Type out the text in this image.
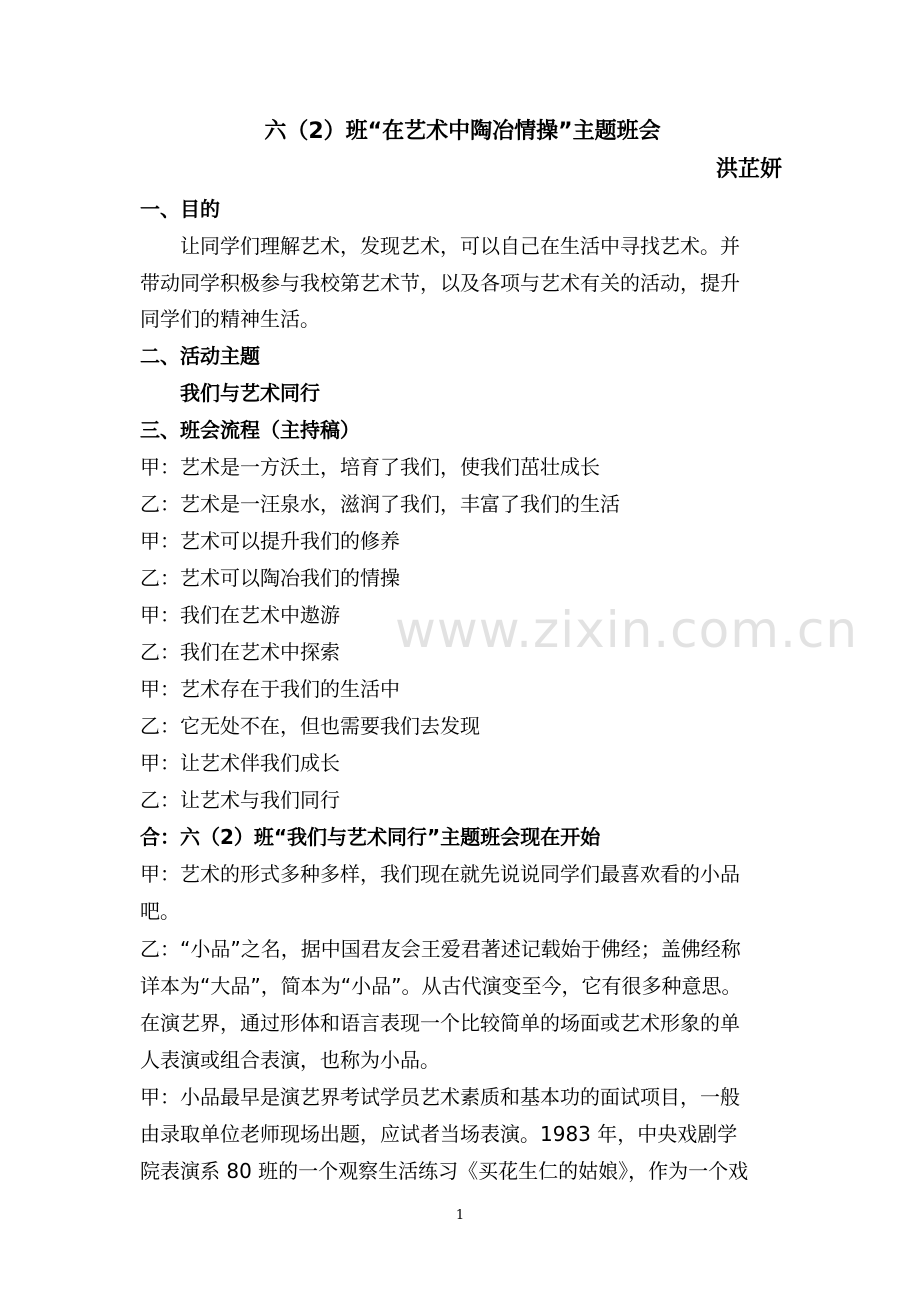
六（2）班“在艺术中陶冶情操”主题班会
洪芷妍
一、目的
　　让同学们理解艺术，发现艺术，可以自己在生活中寻找艺术。并
带动同学积极参与我校第艺术节，以及各项与艺术有关的活动，提升
同学们的精神生活。
二、活动主题
　　我们与艺术同行
三、班会流程（主持稿）
甲：艺术是一方沃土，培育了我们，使我们茁壮成长
乙：艺术是一汪泉水，滋润了我们，丰富了我们的生活
甲：艺术可以提升我们的修养
乙：艺术可以陶冶我们的情操
甲：我们在艺术中遨游
乙：我们在艺术中探索
甲：艺术存在于我们的生活中
乙：它无处不在，但也需要我们去发现
甲：让艺术伴我们成长
乙：让艺术与我们同行
合：六（2）班“我们与艺术同行”主题班会现在开始
甲：艺术的形式多种多样，我们现在就先说说同学们最喜欢看的小品
吧。
乙：“小品”之名，据中国君友会王爱君著述记载始于佛经；盖佛经称
详本为“大品”，简本为“小品”。从古代演变至今，它有很多种意思。
在演艺界，通过形体和语言表现一个比较简单的场面或艺术形象的单
人表演或组合表演，也称为小品。
甲：小品最早是演艺界考试学员艺术素质和基本功的面试项目，一般
由录取单位老师现场出题，应试者当场表演。1983 年，中央戏剧学
院表演系 80 班的一个观察生活练习《买花生仁的姑娘》，作为一个戏
www.zixin.com.cn
1
